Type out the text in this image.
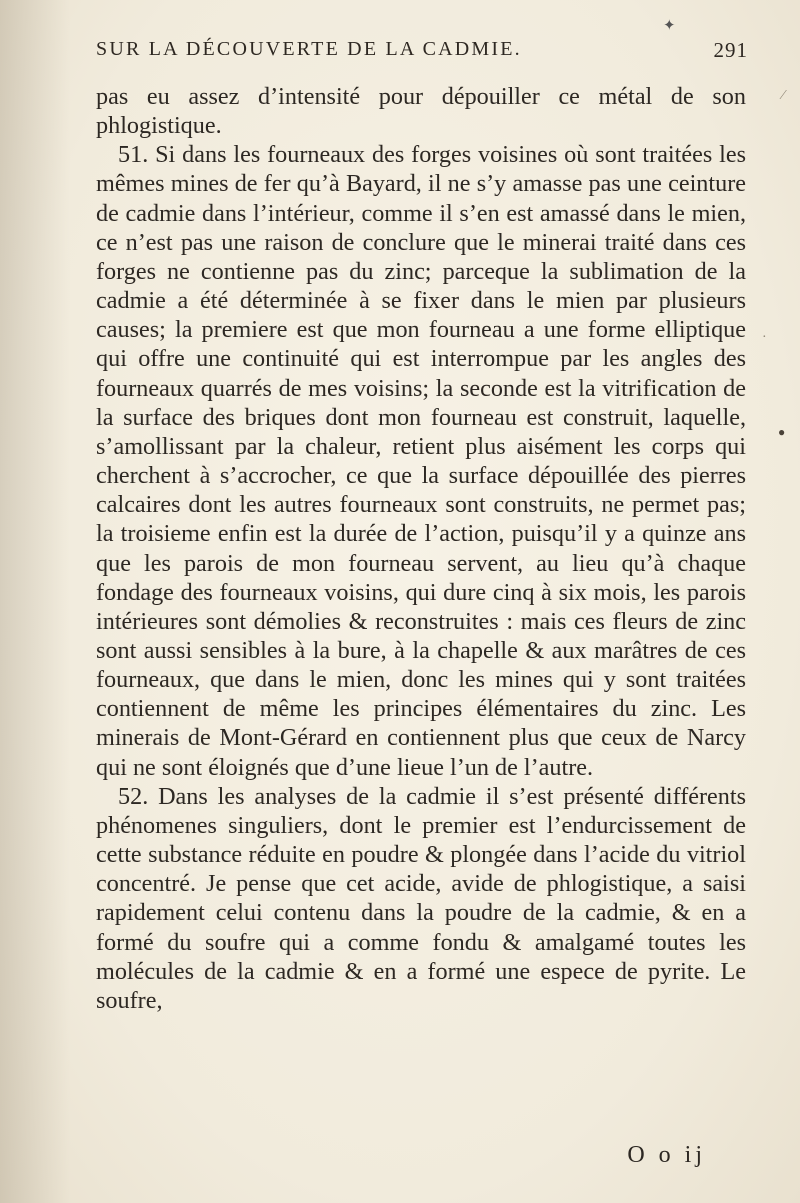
SUR LA DÉCOUVERTE DE LA CADMIE.
✦
291

pas eu assez d’intensité pour dépouiller ce métal de son phlogistique.

51. Si dans les fourneaux des forges voisines où sont traitées les mêmes mines de fer qu’à Bayard, il ne s’y amasse pas une ceinture de cadmie dans l’intérieur, comme il s’en est amassé dans le mien, ce n’est pas une raison de conclure que le minerai traité dans ces forges ne contienne pas du zinc; parceque la sublimation de la cadmie a été déterminée à se fixer dans le mien par plusieurs causes; la premiere est que mon fourneau a une forme elliptique qui offre une continuité qui est interrompue par les angles des fourneaux quarrés de mes voisins; la seconde est la vitrification de la surface des briques dont mon fourneau est construit, laquelle, s’amollissant par la chaleur, retient plus aisément les corps qui cherchent à s’accrocher, ce que la surface dépouillée des pierres calcaires dont les autres fourneaux sont construits, ne permet pas; la troisieme enfin est la durée de l’action, puisqu’il y a quinze ans que les parois de mon fourneau servent, au lieu qu’à chaque fondage des fourneaux voisins, qui dure cinq à six mois, les parois intérieures sont démolies & reconstruites : mais ces fleurs de zinc sont aussi sensibles à la bure, à la chapelle & aux marâtres de ces fourneaux, que dans le mien, donc les mines qui y sont traitées contiennent de même les principes élémentaires du zinc. Les minerais de Mont-Gérard en contiennent plus que ceux de Narcy qui ne sont éloignés que d’une lieue l’un de l’autre.

52. Dans les analyses de la cadmie il s’est présenté différents phénomenes singuliers, dont le premier est l’endurcissement de cette substance réduite en poudre & plongée dans l’acide du vitriol concentré. Je pense que cet acide, avide de phlogistique, a saisi rapidement celui contenu dans la poudre de la cadmie, & en a formé du soufre qui a comme fondu & amalgamé toutes les molécules de la cadmie & en a formé une espece de pyrite. Le soufre,

O o ij
⁄
·
●
